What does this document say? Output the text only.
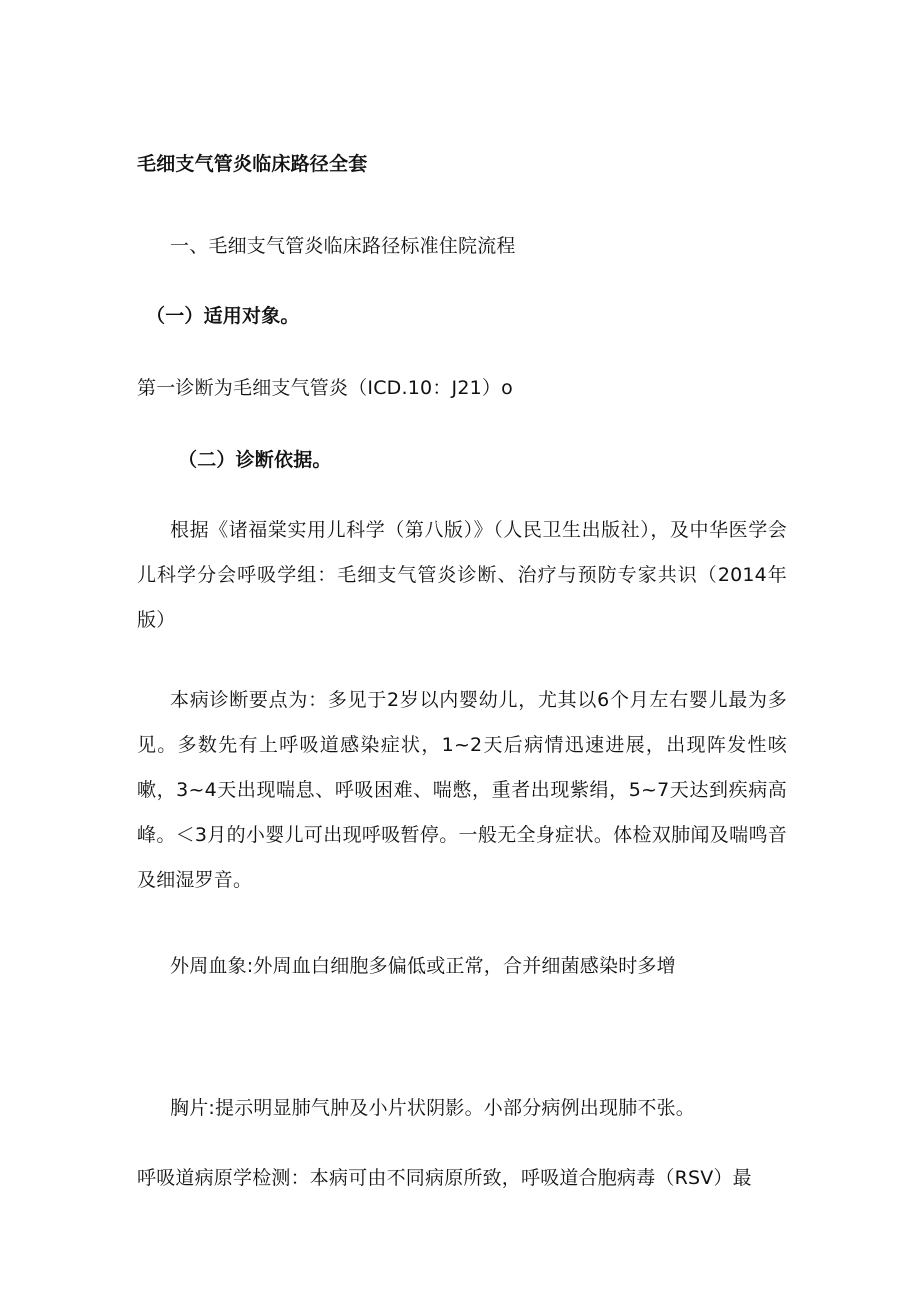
毛细支气管炎临床路径全套
一、毛细支气管炎临床路径标准住院流程
（一）适用对象。
第一诊断为毛细支气管炎（ICD.10：J21）o
（二）诊断依据。
根据《诸福棠实用儿科学（第八版）》（人民卫生出版社），及中华医学会儿科学分会呼吸学组：毛细支气管炎诊断、治疗与预防专家共识（2014年版）
本病诊断要点为：多见于2岁以内婴幼儿，尤其以6个月左右婴儿最为多见。多数先有上呼吸道感染症状，1~2天后病情迅速进展，出现阵发性咳嗽，3~4天出现喘息、呼吸困难、喘憋，重者出现紫绢，5~7天达到疾病高峰。＜3月的小婴儿可出现呼吸暂停。一般无全身症状。体检双肺闻及喘鸣音及细湿罗音。
外周血象:外周血白细胞多偏低或正常，合并细菌感染时多增
胸片:提示明显肺气肿及小片状阴影。小部分病例出现肺不张。
呼吸道病原学检测：本病可由不同病原所致，呼吸道合胞病毒（RSV）最
